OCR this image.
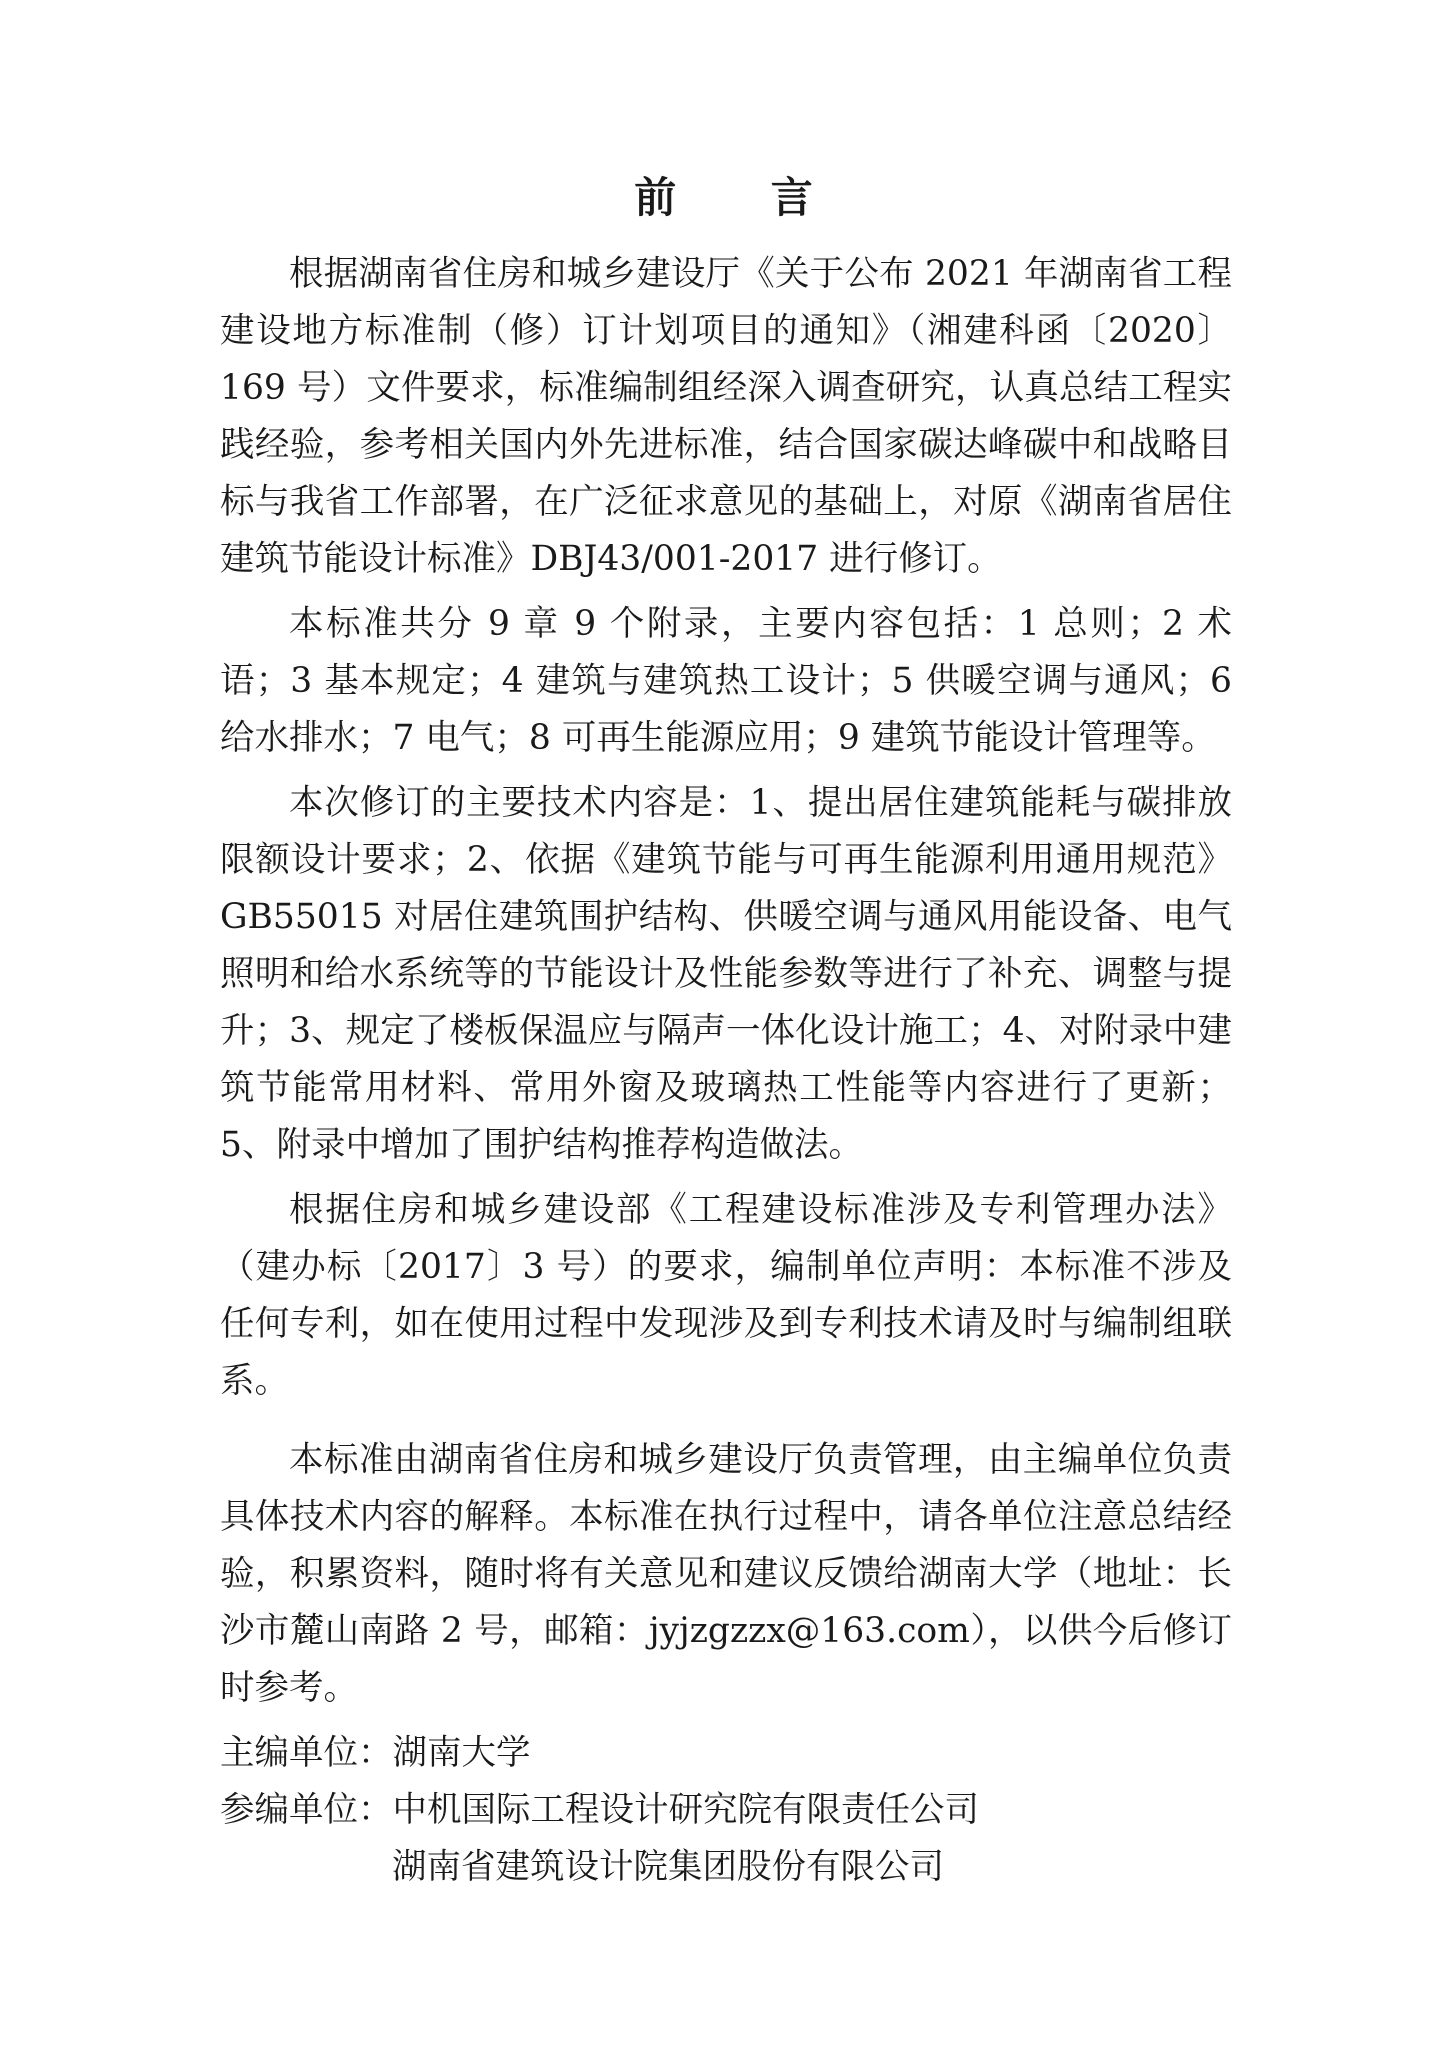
前 言

根据湖南省住房和城乡建设厅《关于公布 2021 年湖南省工程建设地方标准制（修）订计划项目的通知》（湘建科函〔2020〕169 号）文件要求，标准编制组经深入调查研究，认真总结工程实践经验，参考相关国内外先进标准，结合国家碳达峰碳中和战略目标与我省工作部署，在广泛征求意见的基础上，对原《湖南省居住建筑节能设计标准》DBJ43/001-2017 进行修订。

本标准共分 9 章 9 个附录，主要内容包括：1 总则；2 术语；3 基本规定；4 建筑与建筑热工设计；5 供暖空调与通风；6 给水排水；7 电气；8 可再生能源应用；9 建筑节能设计管理等。

本次修订的主要技术内容是：1、提出居住建筑能耗与碳排放限额设计要求；2、依据《建筑节能与可再生能源利用通用规范》GB55015 对居住建筑围护结构、供暖空调与通风用能设备、电气照明和给水系统等的节能设计及性能参数等进行了补充、调整与提升；3、规定了楼板保温应与隔声一体化设计施工；4、对附录中建筑节能常用材料、常用外窗及玻璃热工性能等内容进行了更新；5、附录中增加了围护结构推荐构造做法。

根据住房和城乡建设部《工程建设标准涉及专利管理办法》（建办标〔2017〕3 号）的要求，编制单位声明：本标准不涉及任何专利，如在使用过程中发现涉及到专利技术请及时与编制组联系。

本标准由湖南省住房和城乡建设厅负责管理，由主编单位负责具体技术内容的解释。本标准在执行过程中，请各单位注意总结经验，积累资料，随时将有关意见和建议反馈给湖南大学（地址：长沙市麓山南路 2 号，邮箱：jyjzgzzx@163.com），以供今后修订时参考。

主编单位：湖南大学

参编单位：中机国际工程设计研究院有限责任公司

湖南省建筑设计院集团股份有限公司
